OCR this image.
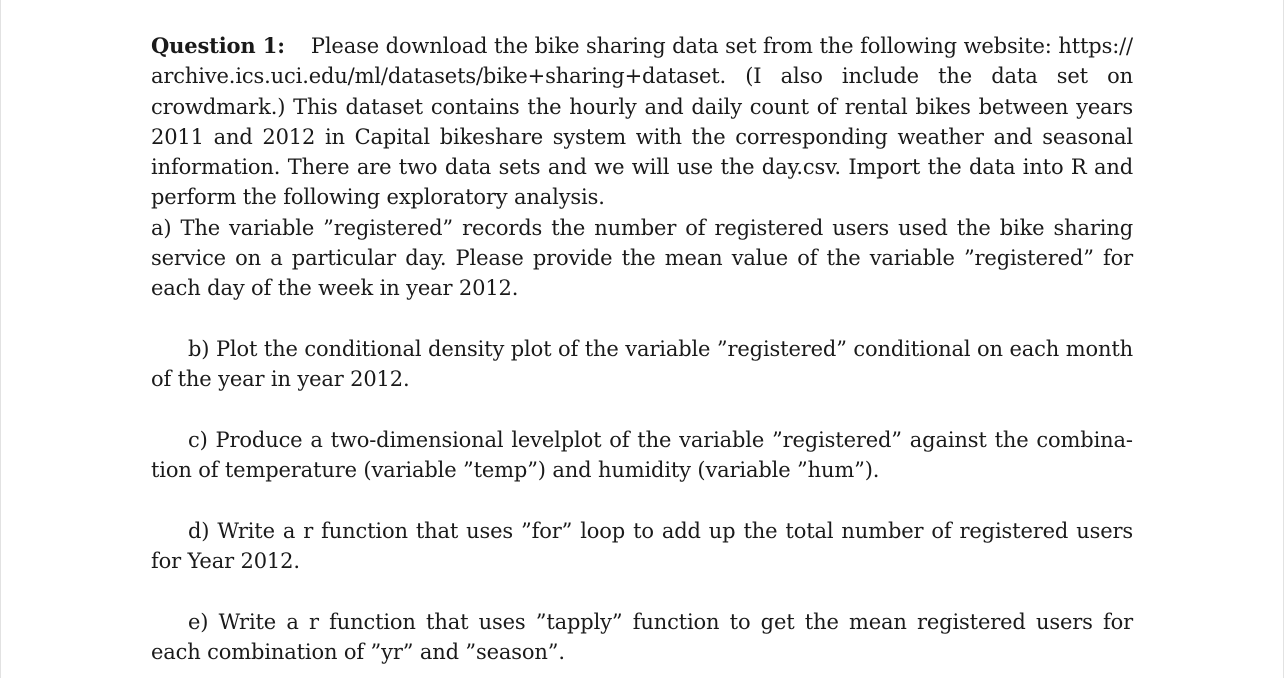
Question 1: Please download the bike sharing data set from the following website: https://archive.ics.uci.edu/ml/datasets/bike+sharing+dataset. (I also include the data set on crowdmark.) This dataset contains the hourly and daily count of rental bikes between years 2011 and 2012 in Capital bikeshare system with the corresponding weather and seasonal information. There are two data sets and we will use the day.csv. Import the data into R and perform the following exploratory analysis.

a) The variable ”registered” records the number of registered users used the bike sharing service on a particular day. Please provide the mean value of the variable ”registered” for each day of the week in year 2012.

b) Plot the conditional density plot of the variable ”registered” conditional on each month of the year in year 2012.

c) Produce a two-dimensional levelplot of the variable ”registered” against the combination of temperature (variable ”temp”) and humidity (variable ”hum”).

d) Write a r function that uses ”for” loop to add up the total number of registered users for Year 2012.

e) Write a r function that uses ”tapply” function to get the mean registered users for each combination of ”yr” and ”season”.
